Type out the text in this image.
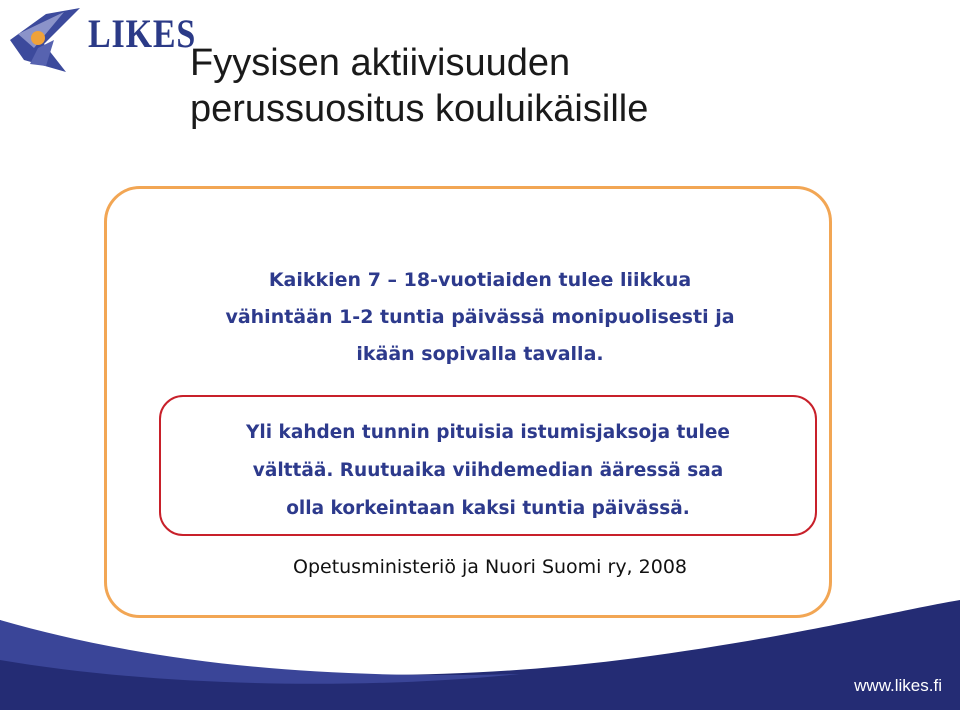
LIKES
Fyysisen aktiivisuuden
perussuositus kouluikäisille

Kaikkien 7 – 18-vuotiaiden tulee liikkua
vähintään 1-2 tuntia päivässä monipuolisesti ja
ikään sopivalla tavalla.

Yli kahden tunnin pituisia istumisjaksoja tulee
välttää. Ruutuaika viihdemedian ääressä saa
olla korkeintaan kaksi tuntia päivässä.

Opetusministeriö ja Nuori Suomi ry, 2008

www.likes.fi
